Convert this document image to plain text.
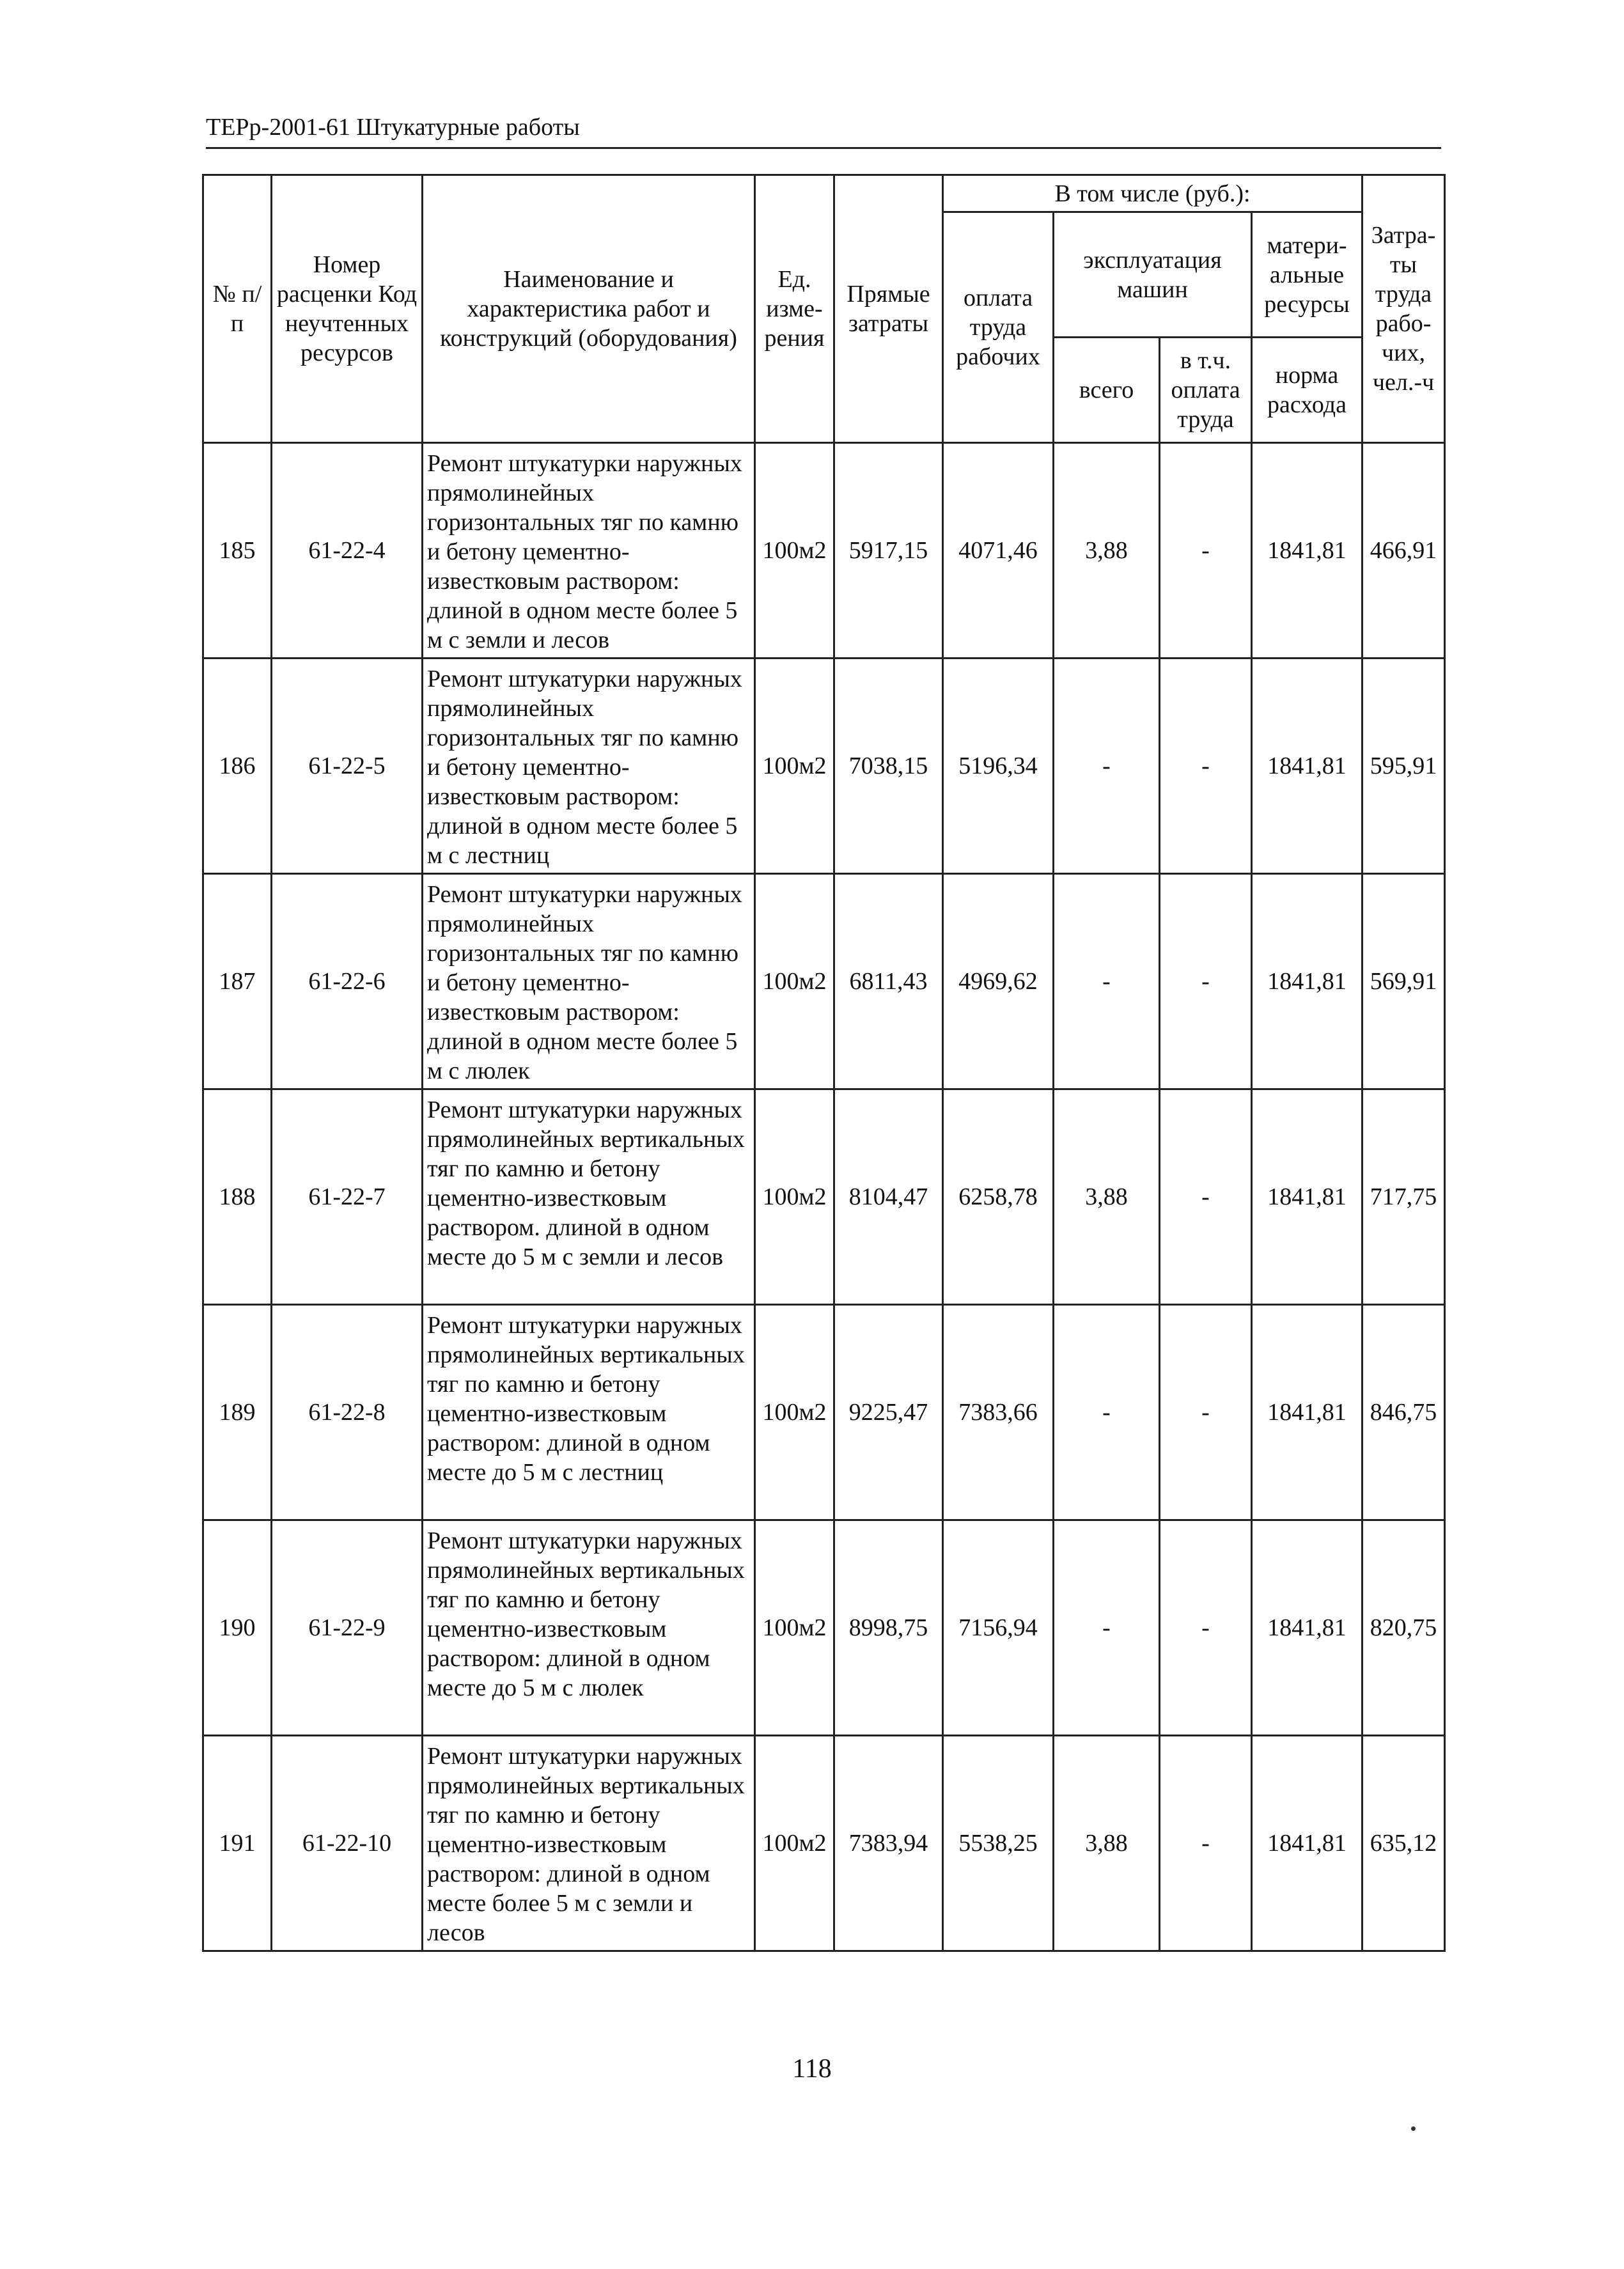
ТЕРр-2001-61 Штукатурные работы
№ п/п	Номер расценки Код неучтенных ресурсов	Наименование и характеристика работ и конструкций (оборудования)	Ед. изме-рения	Прямые затраты	В том числе (руб.):				Затра-ты труда рабо-чих, чел.-ч
					оплата труда рабочих	эксплуатация машин		матери-альные ресурсы	
						всего	в т.ч. оплата труда	норма расхода	
185	61-22-4	Ремонт штукатурки наружных прямолинейных горизонтальных тяг по камню и бетону цементно-известковым раствором: длиной в одном месте более 5 м с земли и лесов	100м2	5917,15	4071,46	3,88	-	1841,81	466,91
186	61-22-5	Ремонт штукатурки наружных прямолинейных горизонтальных тяг по камню и бетону цементно-известковым раствором: длиной в одном месте более 5 м с лестниц	100м2	7038,15	5196,34	-	-	1841,81	595,91
187	61-22-6	Ремонт штукатурки наружных прямолинейных горизонтальных тяг по камню и бетону цементно-известковым раствором: длиной в одном месте более 5 м с люлек	100м2	6811,43	4969,62	-	-	1841,81	569,91
188	61-22-7	Ремонт штукатурки наружных прямолинейных вертикальных тяг по камню и бетону цементно-известковым раствором. длиной в одном месте до 5 м с земли и лесов	100м2	8104,47	6258,78	3,88	-	1841,81	717,75
189	61-22-8	Ремонт штукатурки наружных прямолинейных вертикальных тяг по камню и бетону цементно-известковым раствором: длиной в одном месте до 5 м с лестниц	100м2	9225,47	7383,66	-	-	1841,81	846,75
190	61-22-9	Ремонт штукатурки наружных прямолинейных вертикальных тяг по камню и бетону цементно-известковым раствором: длиной в одном месте до 5 м с люлек	100м2	8998,75	7156,94	-	-	1841,81	820,75
191	61-22-10	Ремонт штукатурки наружных прямолинейных вертикальных тяг по камню и бетону цементно-известковым раствором: длиной в одном месте более 5 м с земли и лесов	100м2	7383,94	5538,25	3,88	-	1841,81	635,12
118
